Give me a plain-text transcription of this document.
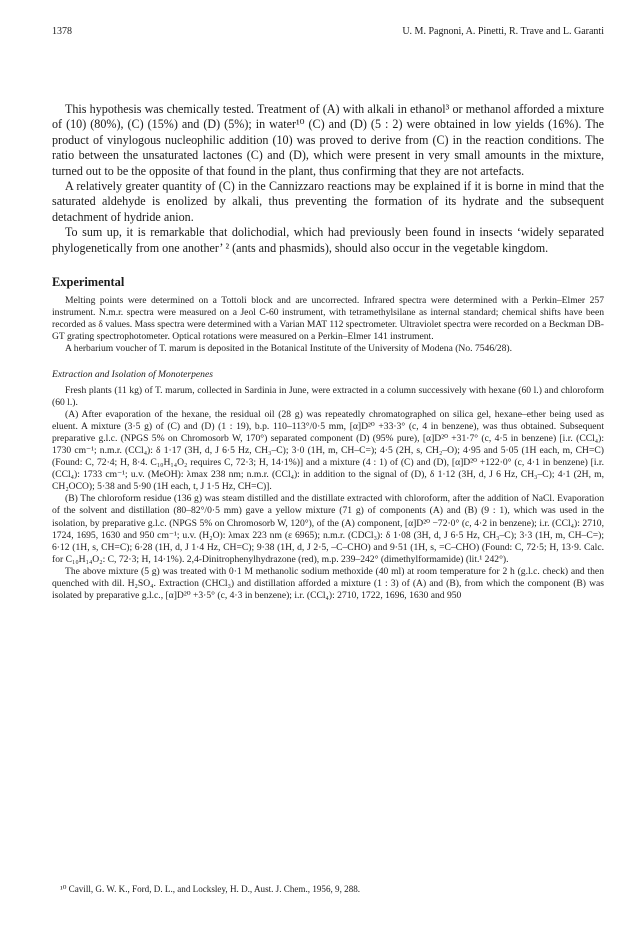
1378	U. M. Pagnoni, A. Pinetti, R. Trave and L. Garanti

This hypothesis was chemically tested. Treatment of (A) with alkali in ethanol³ or methanol afforded a mixture of (10) (80%), (C) (15%) and (D) (5%); in water¹⁰ (C) and (D) (5 : 2) were obtained in low yields (16%). The product of vinylogous nucleophilic addition (10) was proved to derive from (C) in the reaction conditions. The ratio between the unsaturated lactones (C) and (D), which were present in very small amounts in the mixture, turned out to be the opposite of that found in the plant, thus confirming that they are not artefacts.

A relatively greater quantity of (C) in the Cannizzaro reactions may be explained if it is borne in mind that the saturated aldehyde is enolized by alkali, thus preventing the formation of its hydrate and the subsequent detachment of hydride anion.

To sum up, it is remarkable that dolichodial, which had previously been found in insects ‘widely separated phylogenetically from one another’ ² (ants and phasmids), should also occur in the vegetable kingdom.

Experimental

Melting points were determined on a Tottoli block and are uncorrected. Infrared spectra were determined with a Perkin–Elmer 257 instrument. N.m.r. spectra were measured on a Jeol C-60 instrument, with tetramethylsilane as internal standard; chemical shifts have been recorded as δ values. Mass spectra were determined with a Varian MAT 112 spectrometer. Ultraviolet spectra were recorded on a Beckman DB-GT grating spectrophotometer. Optical rotations were measured on a Perkin–Elmer 141 instrument.

A herbarium voucher of T. marum is deposited in the Botanical Institute of the University of Modena (No. 7546/28).

Extraction and Isolation of Monoterpenes

Fresh plants (11 kg) of T. marum, collected in Sardinia in June, were extracted in a column successively with hexane (60 l.) and chloroform (60 l.).

(A) After evaporation of the hexane, the residual oil (28 g) was repeatedly chromatographed on silica gel, hexane–ether being used as eluent. A mixture (3·5 g) of (C) and (D) (1 : 19), b.p. 110–113°/0·5 mm, [α]D²⁰ +33·3° (c, 4 in benzene), was thus obtained. Subsequent preparative g.l.c. (NPGS 5% on Chromosorb W, 170°) separated component (D) (95% pure), [α]D²⁰ +31·7° (c, 4·5 in benzene) [i.r. (CCl₄): 1730 cm⁻¹; n.m.r. (CCl₄): δ 1·17 (3H, d, J 6·5 Hz, CH₃–C); 3·0 (1H, m, CH–C=); 4·5 (2H, s, CH₂–O); 4·95 and 5·05 (1H each, m, CH=C) (Found: C, 72·4; H, 8·4. C₁₀H₁₄O₂ requires C, 72·3; H, 14·1%)] and a mixture (4 : 1) of (C) and (D), [α]D²⁰ +122·0° (c, 4·1 in benzene) [i.r. (CCl₄): 1733 cm⁻¹; u.v. (MeOH): λmax 238 nm; n.m.r. (CCl₄): in addition to the signal of (D), δ 1·12 (3H, d, J 6 Hz, CH₃–C); 4·1 (2H, m, CH₂OCO); 5·38 and 5·90 (1H each, t, J 1·5 Hz, CH=C)].

(B) The chloroform residue (136 g) was steam distilled and the distillate extracted with chloroform, after the addition of NaCl. Evaporation of the solvent and distillation (80–82°/0·5 mm) gave a yellow mixture (71 g) of components (A) and (B) (9 : 1), which was used in the isolation, by preparative g.l.c. (NPGS 5% on Chromosorb W, 120°), of the (A) component, [α]D²⁰ −72·0° (c, 4·2 in benzene); i.r. (CCl₄): 2710, 1724, 1695, 1630 and 950 cm⁻¹; u.v. (H₂O): λmax 223 nm (ε 6965); n.m.r. (CDCl₃): δ 1·08 (3H, d, J 6·5 Hz, CH₃–C); 3·3 (1H, m, CH–C=); 6·12 (1H, s, CH=C); 6·28 (1H, d, J 1·4 Hz, CH=C); 9·38 (1H, d, J 2·5, –C–CHO) and 9·51 (1H, s, =C–CHO) (Found: C, 72·5; H, 13·9. Calc. for C₁₀H₁₄O₂: C, 72·3; H, 14·1%). 2,4-Dinitrophenylhydrazone (red), m.p. 239–242° (dimethylformamide) (lit.¹ 242°).

The above mixture (5 g) was treated with 0·1 M methanolic sodium methoxide (40 ml) at room temperature for 2 h (g.l.c. check) and then quenched with dil. H₂SO₄. Extraction (CHCl₃) and distillation afforded a mixture (1 : 3) of (A) and (B), from which the component (B) was isolated by preparative g.l.c., [α]D²⁰ +3·5° (c, 4·3 in benzene); i.r. (CCl₄): 2710, 1722, 1696, 1630 and 950

¹⁰ Cavill, G. W. K., Ford, D. L., and Locksley, H. D., Aust. J. Chem., 1956, 9, 288.
